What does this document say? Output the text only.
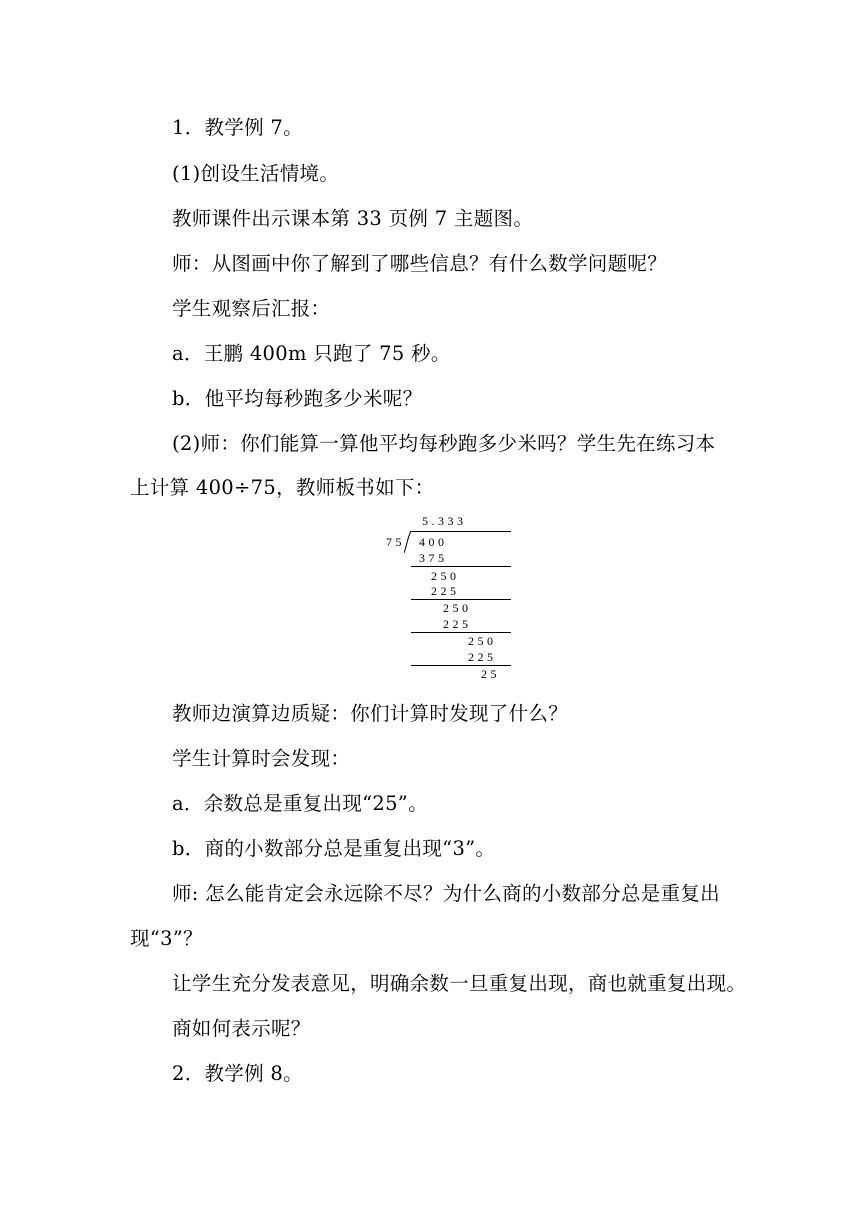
1．教学例 7。
(1)创设生活情境。
教师课件出示课本第 33 页例 7 主题图。
师：从图画中你了解到了哪些信息？有什么数学问题呢？
学生观察后汇报：
a．王鹏 400m 只跑了 75 秒。
b．他平均每秒跑多少米呢？
(2)师：你们能算一算他平均每秒跑多少米吗？学生先在练习本
上计算 400÷75，教师板书如下：
5.333
75 400
375
250
225
250
225
250
225
25
教师边演算边质疑：你们计算时发现了什么？
学生计算时会发现：
a．余数总是重复出现“25”。
b．商的小数部分总是重复出现“3”。
师: 怎么能肯定会永远除不尽？为什么商的小数部分总是重复出
现“3”？
让学生充分发表意见，明确余数一旦重复出现，商也就重复出现。
商如何表示呢？
2．教学例 8。
